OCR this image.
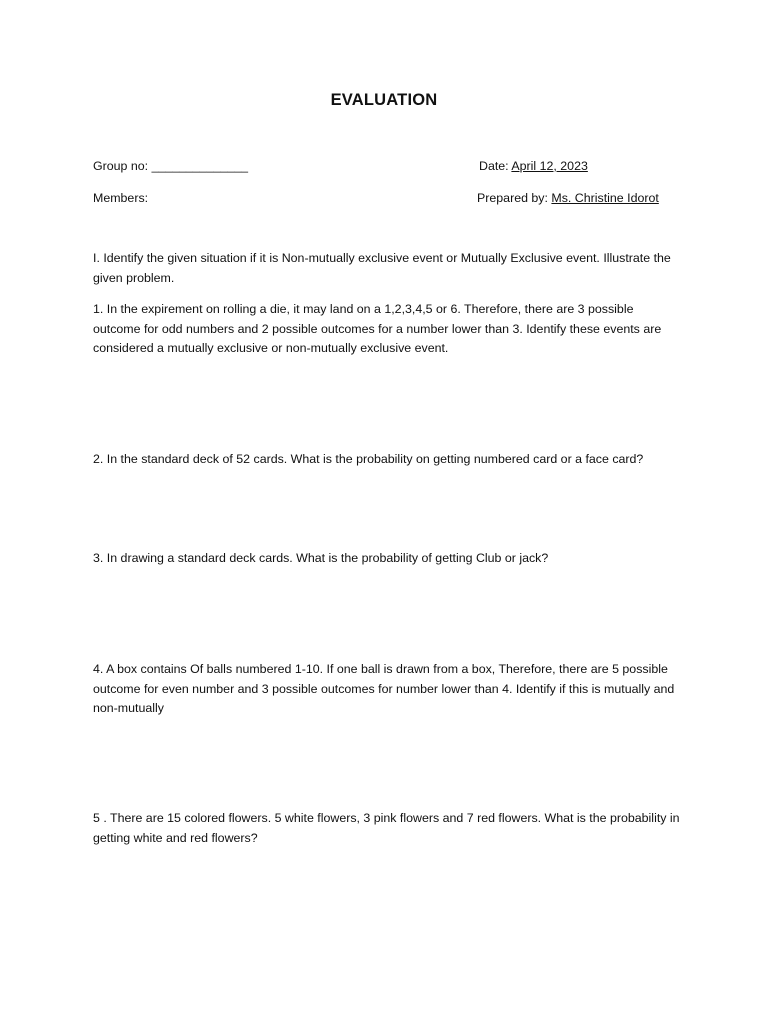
EVALUATION
Group no: ______________	Date: April 12, 2023
Members:	Prepared by: Ms. Christine Idorot

I. Identify the given situation if it is Non-mutually exclusive event or Mutually Exclusive event. Illustrate the given problem.

1. In the expirement on rolling a die, it may land on a 1,2,3,4,5 or 6. Therefore, there are 3 possible outcome for odd numbers and 2 possible outcomes for a number lower than 3. Identify these events are considered a mutually exclusive or non-mutually exclusive event.

2. In the standard deck of 52 cards. What is the probability on getting numbered card or a face card?

3. In drawing a standard deck cards. What is the probability of getting Club or jack?

4. A box contains Of balls numbered 1-10. If one ball is drawn from a box, Therefore, there are 5 possible outcome for even number and 3 possible outcomes for number lower than 4. Identify if this is mutually and non-mutually

5 . There are 15 colored flowers. 5 white flowers, 3 pink flowers and 7 red flowers. What is the probability in getting white and red flowers?
